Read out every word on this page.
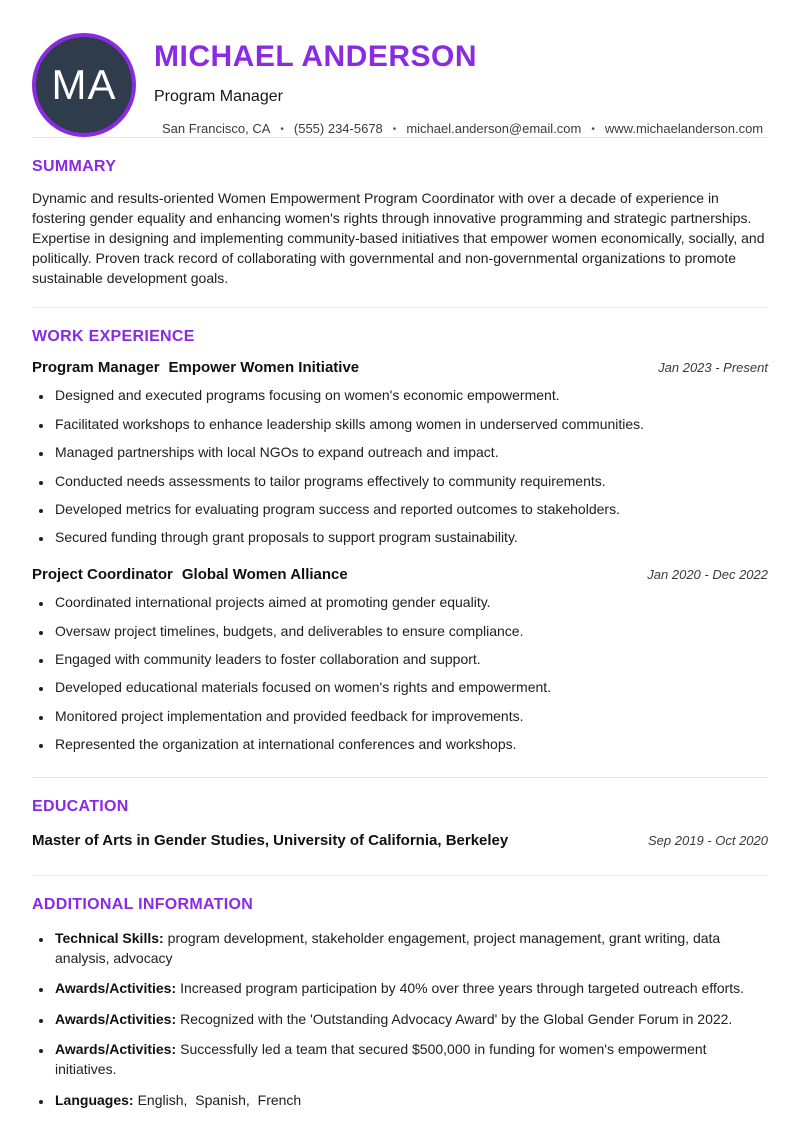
MA
MICHAEL ANDERSON
Program Manager
San Francisco, CA • (555) 234-5678 • michael.anderson@email.com • www.michaelanderson.com
SUMMARY

Dynamic and results-oriented Women Empowerment Program Coordinator with over a decade of experience in fostering gender equality and enhancing women's rights through innovative programming and strategic partnerships. Expertise in designing and implementing community-based initiatives that empower women economically, socially, and politically. Proven track record of collaborating with governmental and non-governmental organizations to promote sustainable development goals.

WORK EXPERIENCE
Program Manager Empower Women Initiative	Jan 2023 - Present
• Designed and executed programs focusing on women's economic empowerment.
• Facilitated workshops to enhance leadership skills among women in underserved communities.
• Managed partnerships with local NGOs to expand outreach and impact.
• Conducted needs assessments to tailor programs effectively to community requirements.
• Developed metrics for evaluating program success and reported outcomes to stakeholders.
• Secured funding through grant proposals to support program sustainability.
Project Coordinator Global Women Alliance	Jan 2020 - Dec 2022
• Coordinated international projects aimed at promoting gender equality.
• Oversaw project timelines, budgets, and deliverables to ensure compliance.
• Engaged with community leaders to foster collaboration and support.
• Developed educational materials focused on women's rights and empowerment.
• Monitored project implementation and provided feedback for improvements.
• Represented the organization at international conferences and workshops.
EDUCATION
Master of Arts in Gender Studies, University of California, Berkeley	Sep 2019 - Oct 2020
ADDITIONAL INFORMATION
• Technical Skills: program development, stakeholder engagement, project management, grant writing, data analysis, advocacy
• Awards/Activities: Increased program participation by 40% over three years through targeted outreach efforts.
• Awards/Activities: Recognized with the 'Outstanding Advocacy Award' by the Global Gender Forum in 2022.
• Awards/Activities: Successfully led a team that secured $500,000 in funding for women's empowerment initiatives.
• Languages: English, Spanish, French
